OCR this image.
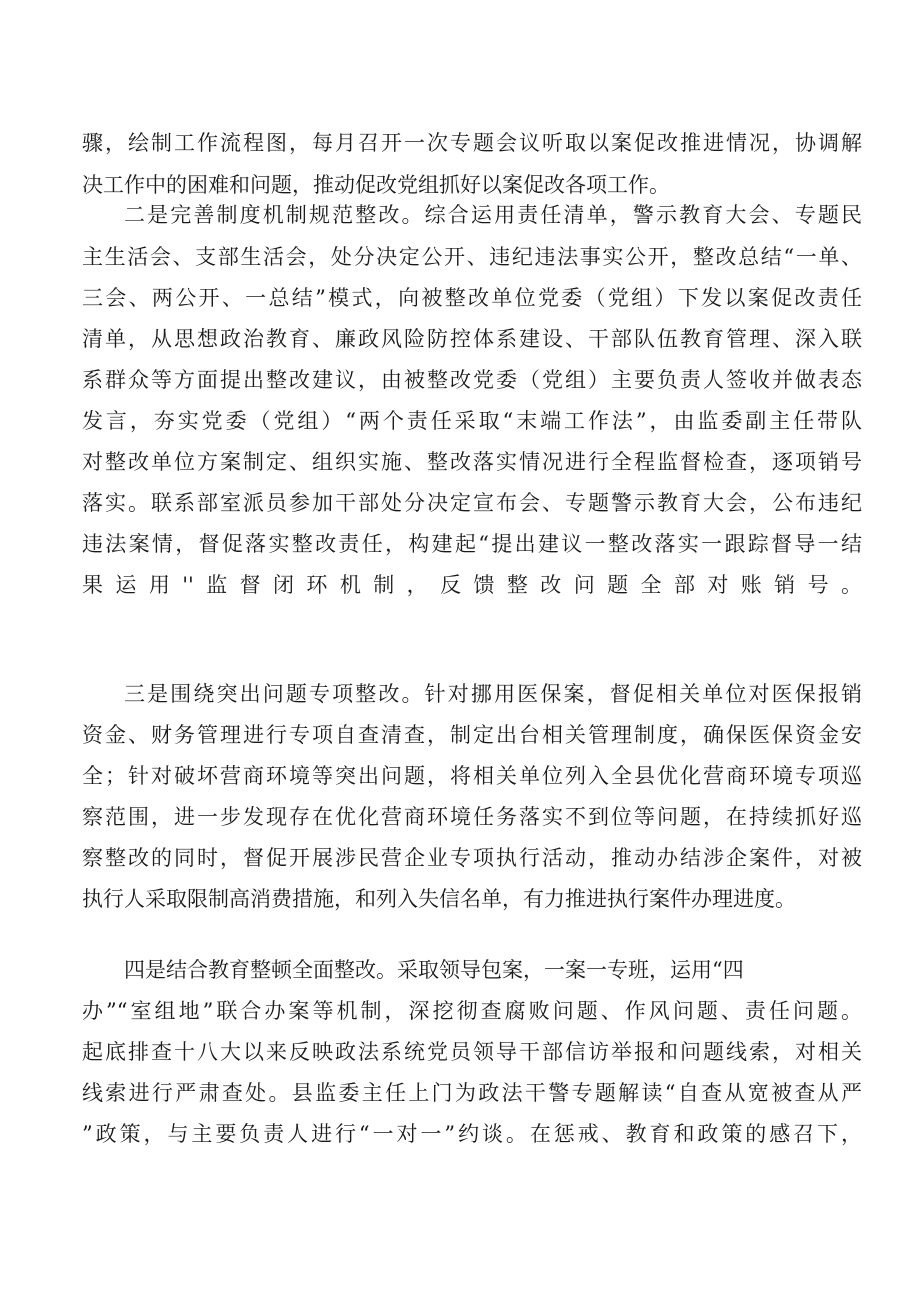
骤，绘制工作流程图，每月召开一次专题会议听取以案促改推进情况，协调解
决工作中的困难和问题，推动促改党组抓好以案促改各项工作。
二是完善制度机制规范整改。综合运用责任清单，警示教育大会、专题民
主生活会、支部生活会，处分决定公开、违纪违法事实公开，整改总结“一单、
三会、两公开、一总结”模式，向被整改单位党委（党组）下发以案促改责任
清单，从思想政治教育、廉政风险防控体系建设、干部队伍教育管理、深入联
系群众等方面提出整改建议，由被整改党委（党组）主要负责人签收并做表态
发言，夯实党委（党组）“两个责任采取“末端工作法”，由监委副主任带队
对整改单位方案制定、组织实施、整改落实情况进行全程监督检查，逐项销号
落实。联系部室派员参加干部处分决定宣布会、专题警示教育大会，公布违纪
违法案情，督促落实整改责任，构建起“提出建议一整改落实一跟踪督导一结
果运用''监督闭环机制，反馈整改问题全部对账销号。
三是围绕突出问题专项整改。针对挪用医保案，督促相关单位对医保报销
资金、财务管理进行专项自查清查，制定出台相关管理制度，确保医保资金安
全；针对破坏营商环境等突出问题，将相关单位列入全县优化营商环境专项巡
察范围，进一步发现存在优化营商环境任务落实不到位等问题，在持续抓好巡
察整改的同时，督促开展涉民营企业专项执行活动，推动办结涉企案件，对被
执行人采取限制高消费措施，和列入失信名单，有力推进执行案件办理进度。
四是结合教育整顿全面整改。采取领导包案，一案一专班，运用“四
办”“室组地”联合办案等机制，深挖彻查腐败问题、作风问题、责任问题。
起底排查十八大以来反映政法系统党员领导干部信访举报和问题线索，对相关
线索进行严肃查处。县监委主任上门为政法干警专题解读“自查从宽被查从严
”政策，与主要负责人进行“一对一”约谈。在惩戒、教育和政策的感召下，
